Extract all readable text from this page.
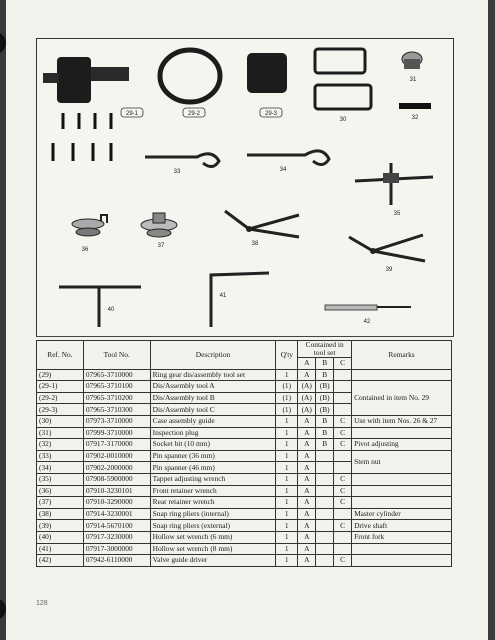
29-1	29-2	29-3
30
31
32
33	34
35
36
37	38
39
40
41
42
Ref. No.	Tool No.	Description	Q'ty	Contained in tool set			Remarks
				A	B	C	
(29)	07965-3710000	Ring gear dis/assembly tool set	1	A	B		
(29-1)	07965-3710100	Dis/Assembly tool A	(1)	(A)	(B)		Contained in item No. 29
(29-2)	07965-3710200	Dis/Assembly tool B	(1)	(A)	(B)		
(29-3)	07965-3710300	Dis/Assembly tool C	(1)	(A)	(B)		
(30)	07973-3710000	Case assembly guide	1	A	B	C	Use with item Nos. 26 & 27
(31)	07999-3710000	Inspection plug	1	A	B	C	
(32)	07917-3170000	Socket bit (10 mm)	1	A	B	C	Pivot adjusting
(33)	07902-0010000	Pin spanner (36 mm)	1	A			Stem nut
(34)	07902-2000000	Pin spanner (46 mm)	1	A			
(35)	07908-5900000	Tappet adjusting wrench	1	A		C	
(36)	07910-3230101	Front retainer wrench	1	A		C	
(37)	07910-3290000	Rear retainer wrench	1	A		C	
(38)	07914-3230001	Snap ring pliers (internal)	1	A			Master cylinder
(39)	07914-5670100	Snap ring pliers (external)	1	A		C	Drive shaft
(40)	07917-3230000	Hollow set wrench (6 mm)	1	A			Front fork
(41)	07917-3000000	Hollow set wrench (8 mm)	1	A			
(42)	07942-6110000	Valve guide driver	1	A		C	
128
